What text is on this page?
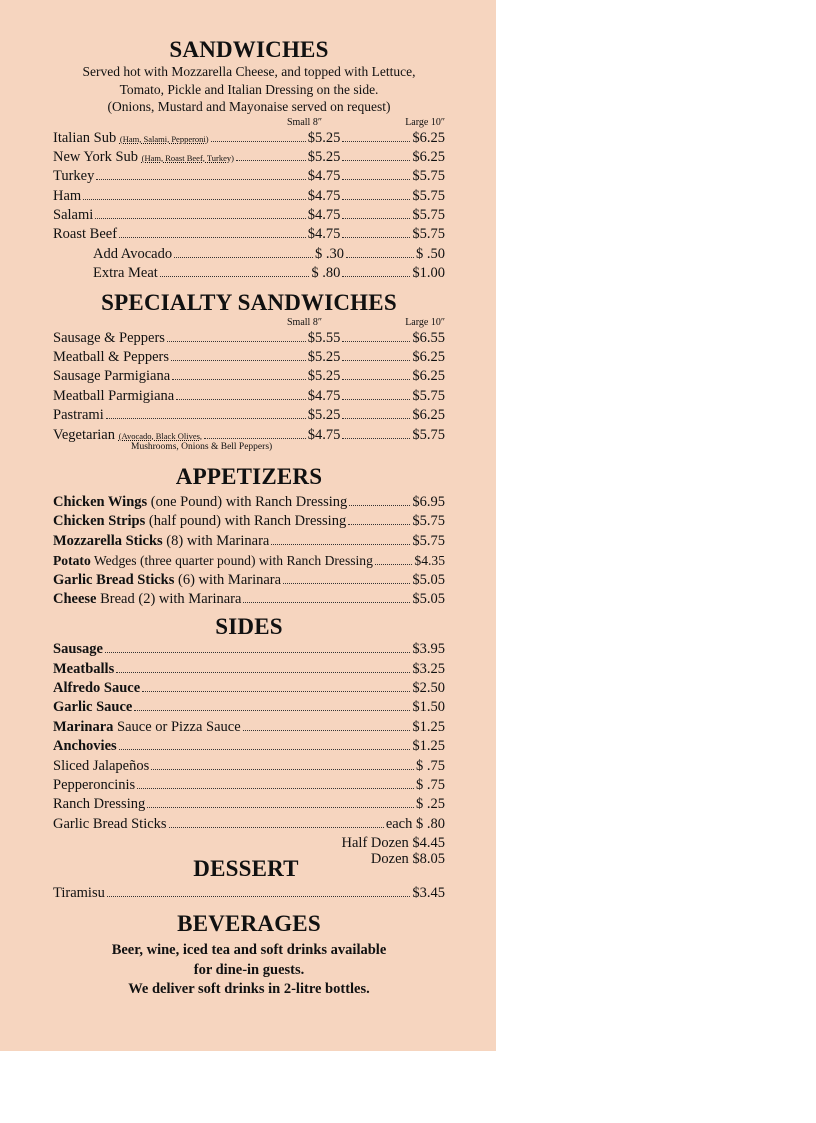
SANDWICHES
Served hot with Mozzarella Cheese, and topped with Lettuce,
Tomato, Pickle and Italian Dressing on the side.
(Onions, Mustard and Mayonaise served on request)
Small 8″	Large 10″
Italian Sub
(Ham, Salami, Pepperoni)	$5.25	$6.25
New York Sub
(Ham, Roast Beef, Turkey)	$5.25	$6.25
Turkey	$4.75	$5.75
Ham	$4.75	$5.75
Salami	$4.75	$5.75
Roast Beef	$4.75	$5.75
Add Avocado	$ .30	$ .50
Extra Meat	$ .80	$1.00
SPECIALTY SANDWICHES
Small 8″	Large 10″
Sausage & Peppers	$5.55	$6.55
Meatball & Peppers	$5.25	$6.25
Sausage Parmigiana	$5.25	$6.25
Meatball Parmigiana	$4.75	$5.75
Pastrami	$5.25	$6.25
Vegetarian
(Avocado, Black Olives,	$4.75	$5.75
Mushrooms, Onions & Bell Peppers)
APPETIZERS
Chicken Wings (one Pound) with Ranch Dressing	$6.95
Chicken Strips (half pound) with Ranch Dressing	$5.75
Mozzarella Sticks (8) with Marinara	$5.75
Potato Wedges (three quarter pound) with Ranch Dressing	$4.35
Garlic Bread Sticks (6) with Marinara	$5.05
Cheese Bread (2) with Marinara	$5.05
SIDES
Sausage	$3.95
Meatballs	$3.25
Alfredo Sauce	$2.50
Garlic Sauce	$1.50
Marinara Sauce or Pizza Sauce	$1.25
Anchovies	$1.25
Sliced Jalapeños	$ .75
Pepperoncinis	$ .75
Ranch Dressing	$ .25
Garlic Bread Sticks	each $ .80
Half Dozen $4.45
DESSERT	Dozen $8.05
Tiramisu	$3.45
BEVERAGES
Beer, wine, iced tea and soft drinks available
for dine-in guests.
We deliver soft drinks in 2-litre bottles.
